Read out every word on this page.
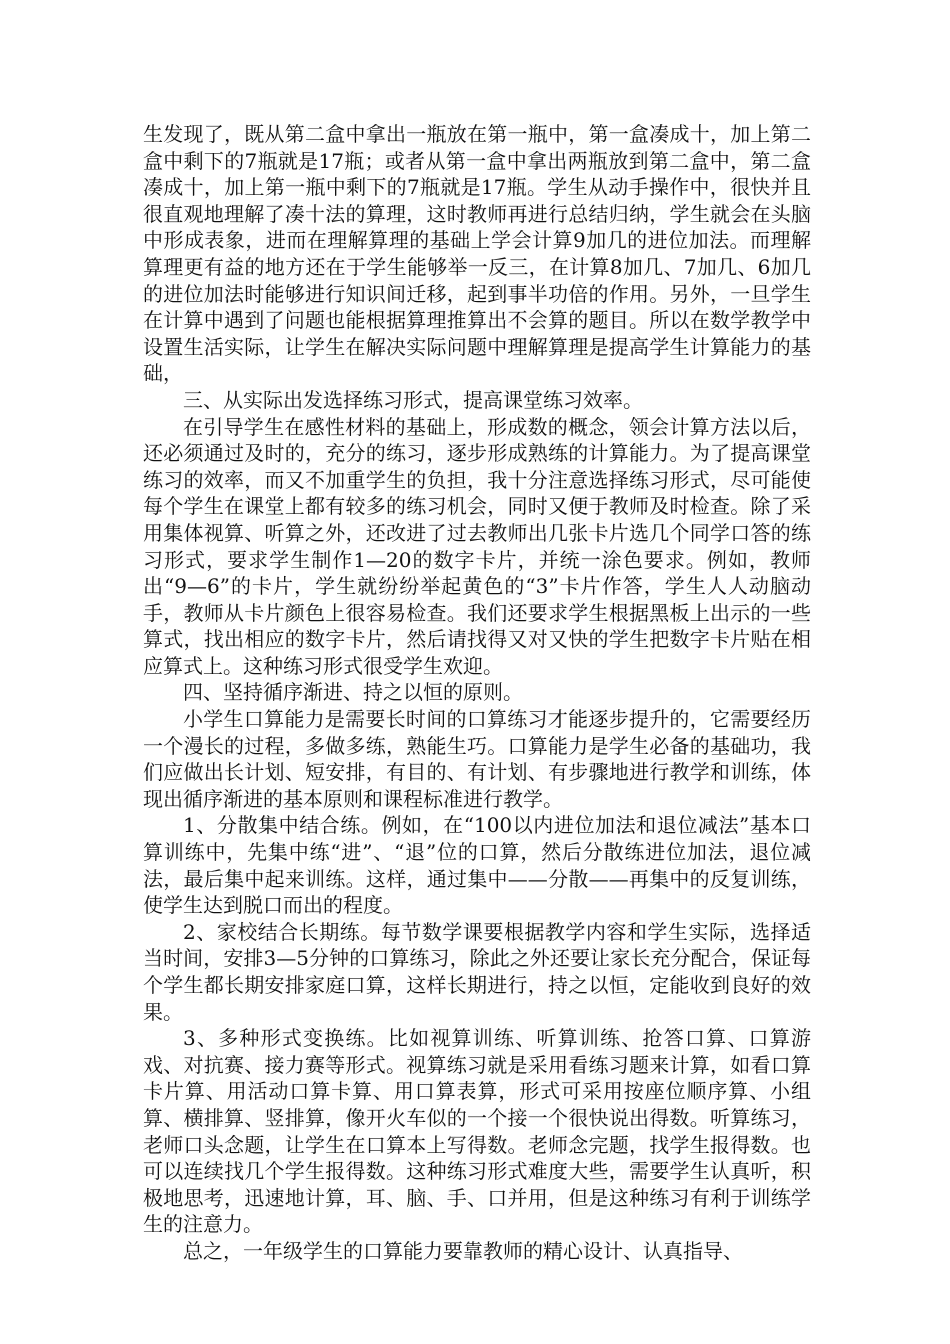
生发现了，既从第二盒中拿出一瓶放在第一瓶中，第一盒凑成十，加上第二盒中剩下的7瓶就是17瓶；或者从第一盒中拿出两瓶放到第二盒中，第二盒凑成十，加上第一瓶中剩下的7瓶就是17瓶。学生从动手操作中，很快并且很直观地理解了凑十法的算理，这时教师再进行总结归纳，学生就会在头脑中形成表象，进而在理解算理的基础上学会计算9加几的进位加法。而理解算理更有益的地方还在于学生能够举一反三，在计算8加几、7加几、6加几的进位加法时能够进行知识间迁移，起到事半功倍的作用。另外，一旦学生在计算中遇到了问题也能根据算理推算出不会算的题目。所以在数学教学中设置生活实际，让学生在解决实际问题中理解算理是提高学生计算能力的基础，

三、从实际出发选择练习形式，提高课堂练习效率。

在引导学生在感性材料的基础上，形成数的概念，领会计算方法以后，还必须通过及时的，充分的练习，逐步形成熟练的计算能力。为了提高课堂练习的效率，而又不加重学生的负担，我十分注意选择练习形式，尽可能使每个学生在课堂上都有较多的练习机会，同时又便于教师及时检查。除了采用集体视算、听算之外，还改进了过去教师出几张卡片选几个同学口答的练习形式，要求学生制作1—20的数字卡片，并统一涂色要求。例如，教师出“9—6”的卡片，学生就纷纷举起黄色的“3”卡片作答，学生人人动脑动手，教师从卡片颜色上很容易检查。我们还要求学生根据黑板上出示的一些算式，找出相应的数字卡片，然后请找得又对又快的学生把数字卡片贴在相应算式上。这种练习形式很受学生欢迎。

四、坚持循序渐进、持之以恒的原则。

小学生口算能力是需要长时间的口算练习才能逐步提升的，它需要经历一个漫长的过程，多做多练，熟能生巧。口算能力是学生必备的基础功，我们应做出长计划、短安排，有目的、有计划、有步骤地进行教学和训练，体现出循序渐进的基本原则和课程标准进行教学。

1、分散集中结合练。例如，在“100以内进位加法和退位减法”基本口算训练中，先集中练“进”、“退”位的口算，然后分散练进位加法，退位减法，最后集中起来训练。这样，通过集中——分散——再集中的反复训练，使学生达到脱口而出的程度。

2、家校结合长期练。每节数学课要根据教学内容和学生实际，选择适当时间，安排3—5分钟的口算练习，除此之外还要让家长充分配合，保证每个学生都长期安排家庭口算，这样长期进行，持之以恒，定能收到良好的效果。

3、多种形式变换练。比如视算训练、听算训练、抢答口算、口算游戏、对抗赛、接力赛等形式。视算练习就是采用看练习题来计算，如看口算卡片算、用活动口算卡算、用口算表算，形式可采用按座位顺序算、小组算、横排算、竖排算，像开火车似的一个接一个很快说出得数。听算练习，老师口头念题，让学生在口算本上写得数。老师念完题，找学生报得数。也可以连续找几个学生报得数。这种练习形式难度大些，需要学生认真听，积极地思考，迅速地计算，耳、脑、手、口并用，但是这种练习有利于训练学生的注意力。

总之，一年级学生的口算能力要靠教师的精心设计、认真指导、
